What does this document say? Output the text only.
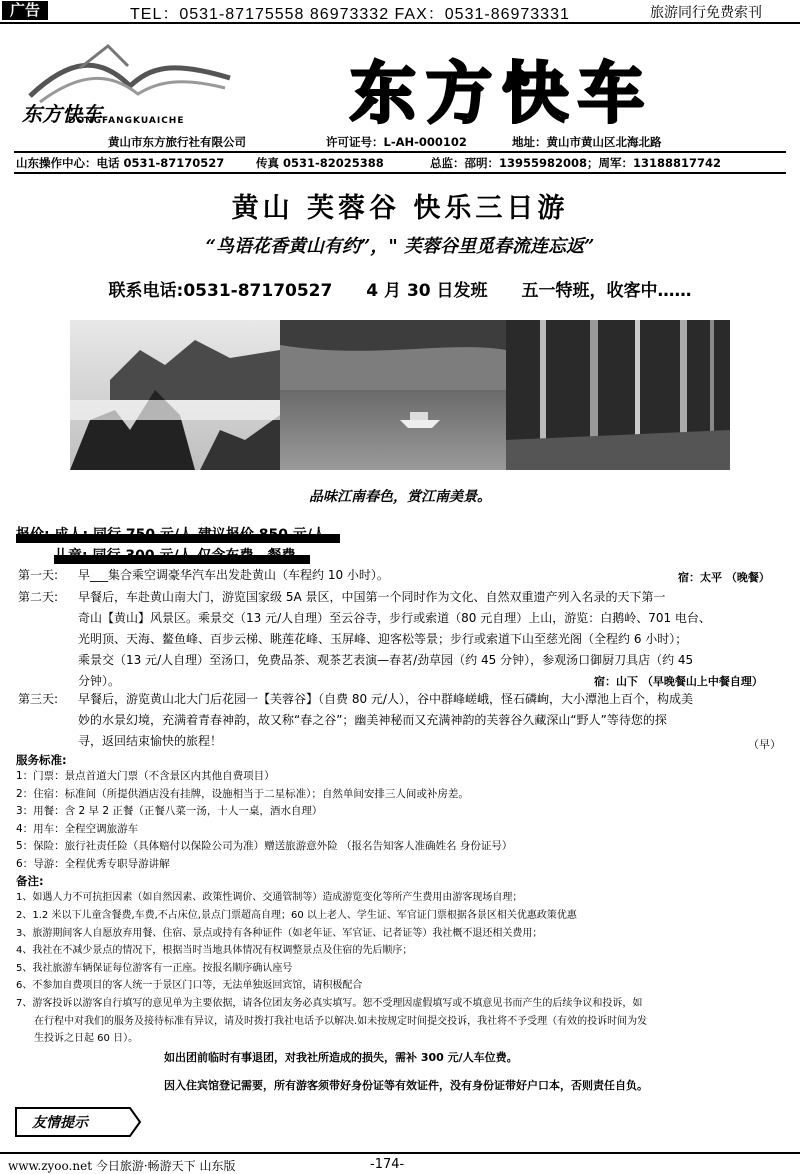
广告	TEL：0531-87175558 86973332 FAX：0531-86973331	旅游同行免费索刊
东方快车
DONGFANGKUAICHE	东方快车
黄山市东方旅行社有限公司	许可证号：L-AH-000102	地址：黄山市黄山区北海北路
山东操作中心：电话 0531-87170527	传真 0531-82025388	总监：邵明：13955982008；周军：13188817742
黄山 芙蓉谷 快乐三日游
“鸟语花香黄山有约”，" 芙蓉谷里觅春流连忘返”
联系电话:0531-87170527 4 月 30 日发班 五一特班，收客中……
品味江南春色，赏江南美景。
报价: 成人: 同行 750 元/人 建议报价 850 元/人
儿童: 同行 300 元/人 仅含车费、餐费
第一天: 早___集合乘空调豪华汽车出发赴黄山（车程约 10 小时）。	宿：太平 （晚餐）
第二天: 早餐后，车赴黄山南大门，游览国家级 5A 景区，中国第一个同时作为文化、自然双重遗产列入名录的天下第一
奇山【黄山】风景区。乘景交（13 元/人自理）至云谷寺，步行或索道（80 元自理）上山，游览：白鹅岭、701 电台、
光明顶、天海、鳌鱼峰、百步云梯、眺莲花峰、玉屏峰、迎客松等景；步行或索道下山至慈光阁（全程约 6 小时）；
乘景交（13 元/人自理）至汤口，免费品茶、观茶艺表演—春茗/劲草园（约 45 分钟），参观汤口御厨刀具店（约 45
分钟）。	宿：山下 （早晚餐山上中餐自理）
第三天: 早餐后，游览黄山北大门后花园一【芙蓉谷】（自费 80 元/人），谷中群峰嵯峨，怪石磷峋，大小潭池上百个，构成美
妙的水景幻境，充满着青春神韵，故又称“春之谷”；幽美神秘而又充满神韵的芙蓉谷久藏深山“野人”等待您的探
寻，返回结束愉快的旅程！	（早）
服务标准:
1：门票：景点首道大门票（不含景区内其他自费项目）
2：住宿：标准间（所提供酒店没有挂牌，设施相当于二星标准）；自然单间安排三人间或补房差。
3：用餐：含 2 早 2 正餐（正餐八菜一汤，十人一桌，酒水自理）
4：用车：全程空调旅游车
5：保险：旅行社责任险（具体赔付以保险公司为准）赠送旅游意外险 （报名告知客人准确姓名 身份证号）
6：导游：全程优秀专职导游讲解
备注:
1、如遇人力不可抗拒因素（如自然因素、政策性调价、交通管制等）造成游览变化等所产生费用由游客现场自理；
2、1.2 米以下儿童含餐费,车费,不占床位,景点门票超高自理；60 以上老人、学生证、军官证门票根据各景区相关优惠政策优惠
3、旅游期间客人自愿放弃用餐、住宿、景点或持有各种证件（如老年证、军官证、记者证等）我社概不退还相关费用；
4、我社在不减少景点的情况下，根据当时当地具体情况有权调整景点及住宿的先后顺序；
5、我社旅游车辆保证每位游客有一正座。按报名顺序确认座号
6、不参加自费项目的客人统一于景区门口等，无法单独返回宾馆，请积极配合
7、游客投诉以游客自行填写的意见单为主要依据，请各位团友务必真实填写。恕不受理因虚假填写或不填意见书而产生的后续争议和投诉，如
在行程中对我们的服务及接待标准有异议，请及时拨打我社电话予以解决.如未按规定时间提交投诉，我社将不予受理（有效的投诉时间为发
生投诉之日起 60 日）。
如出团前临时有事退团，对我社所造成的损失，需补 300 元/人车位费。
因入住宾馆登记需要，所有游客须带好身份证等有效证件，没有身份证带好户口本，否则责任自负。
友情提示
www.zyoo.net 今日旅游·畅游天下 山东版	-174-
